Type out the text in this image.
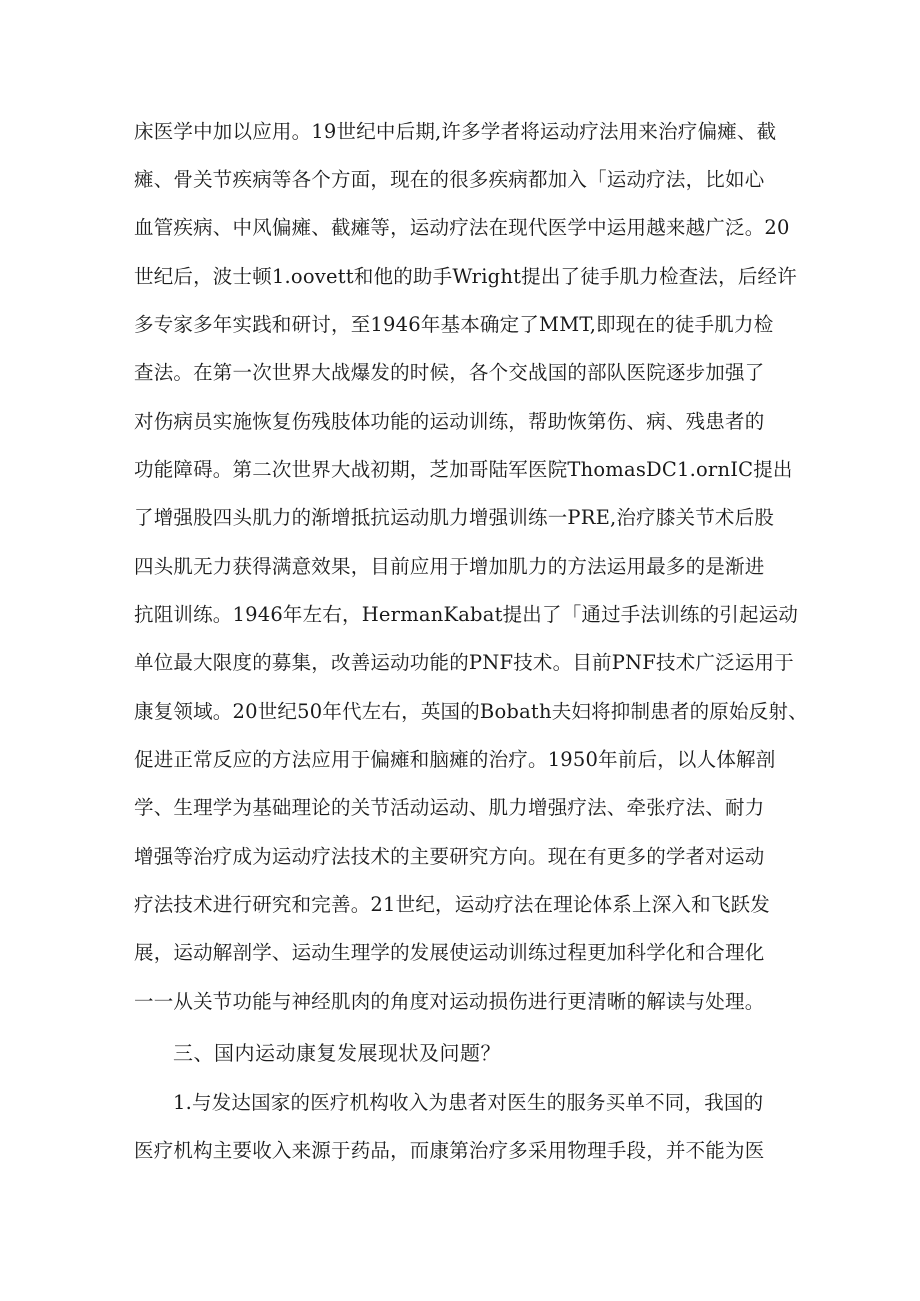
床医学中加以应用。19世纪中后期,许多学者将运动疗法用来治疗偏瘫、截
瘫、骨关节疾病等各个方面，现在的很多疾病都加入「运动疗法，比如心
血管疾病、中风偏瘫、截瘫等，运动疗法在现代医学中运用越来越广泛。20
世纪后，波士顿1.oovett和他的助手Wright提出了徒手肌力检查法，后经许
多专家多年实践和研讨，至1946年基本确定了MMT,即现在的徒手肌力检
查法。在第一次世界大战爆发的时候，各个交战国的部队医院逐步加强了
对伤病员实施恢复伤残肢体功能的运动训练，帮助恢第伤、病、残患者的
功能障碍。第二次世界大战初期，芝加哥陆军医院ThomasDC1.ornIC提出
了增强股四头肌力的渐增抵抗运动肌力增强训练一PRE,治疗膝关节术后股
四头肌无力获得满意效果，目前应用于增加肌力的方法运用最多的是渐进
抗阻训练。1946年左右，HermanKabat提出了「通过手法训练的引起运动
单位最大限度的募集，改善运动功能的PNF技术。目前PNF技术广泛运用于
康复领域。20世纪50年代左右，英国的Bobath夫妇将抑制患者的原始反射、
促进正常反应的方法应用于偏瘫和脑瘫的治疗。1950年前后，以人体解剖
学、生理学为基础理论的关节活动运动、肌力增强疗法、牵张疗法、耐力
增强等治疗成为运动疗法技术的主要研究方向。现在有更多的学者对运动
疗法技术进行研究和完善。21世纪，运动疗法在理论体系上深入和飞跃发
展，运动解剖学、运动生理学的发展使运动训练过程更加科学化和合理化
一一从关节功能与神经肌肉的角度对运动损伤进行更清晰的解读与处理。
三、国内运动康复发展现状及问题？
1.与发达国家的医疗机构收入为患者对医生的服务买单不同，我国的
医疗机构主要收入来源于药品，而康第治疗多采用物理手段，并不能为医
